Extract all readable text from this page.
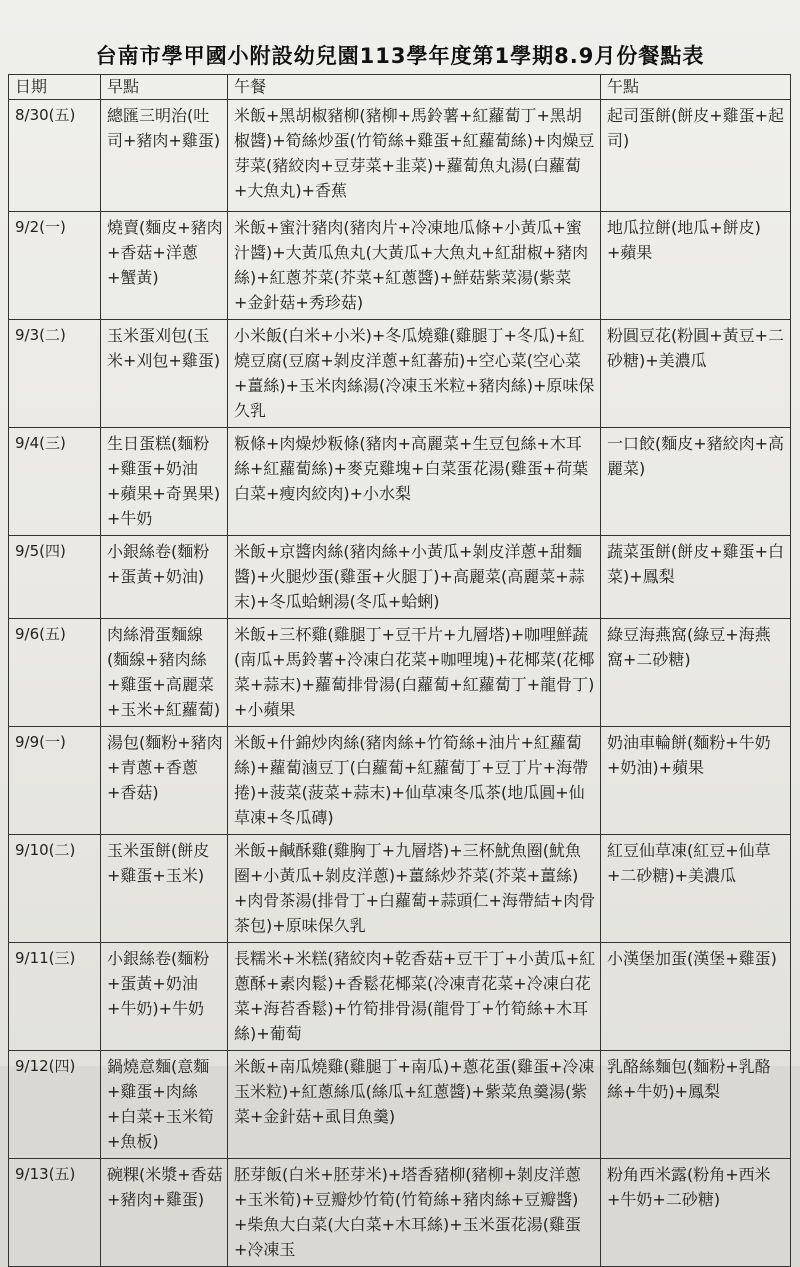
台南市學甲國小附設幼兒園113學年度第1學期8.9月份餐點表
日期	早點	午餐	午點
8/30(五)	總匯三明治(吐司+豬肉+雞蛋)	米飯+黑胡椒豬柳(豬柳+馬鈴薯+紅蘿蔔丁+黑胡椒醬)+筍絲炒蛋(竹筍絲+雞蛋+紅蘿蔔絲)+肉燥豆芽菜(豬絞肉+豆芽菜+韭菜)+蘿蔔魚丸湯(白蘿蔔+大魚丸)+香蕉	起司蛋餅(餅皮+雞蛋+起司)
9/2(一)	燒賣(麵皮+豬肉+香菇+洋蔥+蟹黃)	米飯+蜜汁豬肉(豬肉片+冷凍地瓜條+小黃瓜+蜜汁醬)+大黃瓜魚丸(大黃瓜+大魚丸+紅甜椒+豬肉絲)+紅蔥芥菜(芥菜+紅蔥醬)+鮮菇紫菜湯(紫菜+金針菇+秀珍菇)	地瓜拉餅(地瓜+餅皮)+蘋果
9/3(二)	玉米蛋刈包(玉米+刈包+雞蛋)	小米飯(白米+小米)+冬瓜燒雞(雞腿丁+冬瓜)+紅燒豆腐(豆腐+剝皮洋蔥+紅蕃茄)+空心菜(空心菜+薑絲)+玉米肉絲湯(冷凍玉米粒+豬肉絲)+原味保久乳	粉圓豆花(粉圓+黃豆+二砂糖)+美濃瓜
9/4(三)	生日蛋糕(麵粉+雞蛋+奶油+蘋果+奇異果)+牛奶	粄條+肉燥炒粄條(豬肉+高麗菜+生豆包絲+木耳絲+紅蘿蔔絲)+麥克雞塊+白菜蛋花湯(雞蛋+荷葉白菜+瘦肉絞肉)+小水梨	一口餃(麵皮+豬絞肉+高麗菜)
9/5(四)	小銀絲卷(麵粉+蛋黃+奶油)	米飯+京醬肉絲(豬肉絲+小黃瓜+剝皮洋蔥+甜麵醬)+火腿炒蛋(雞蛋+火腿丁)+高麗菜(高麗菜+蒜末)+冬瓜蛤蜊湯(冬瓜+蛤蜊)	蔬菜蛋餅(餅皮+雞蛋+白菜)+鳳梨
9/6(五)	肉絲滑蛋麵線(麵線+豬肉絲+雞蛋+高麗菜+玉米+紅蘿蔔)	米飯+三杯雞(雞腿丁+豆干片+九層塔)+咖哩鮮蔬(南瓜+馬鈴薯+冷凍白花菜+咖哩塊)+花椰菜(花椰菜+蒜末)+蘿蔔排骨湯(白蘿蔔+紅蘿蔔丁+龍骨丁)+小蘋果	綠豆海燕窩(綠豆+海燕窩+二砂糖)
9/9(一)	湯包(麵粉+豬肉+青蔥+香蔥+香菇)	米飯+什錦炒肉絲(豬肉絲+竹筍絲+油片+紅蘿蔔絲)+蘿蔔滷豆丁(白蘿蔔+紅蘿蔔丁+豆丁片+海帶捲)+菠菜(菠菜+蒜末)+仙草凍冬瓜茶(地瓜圓+仙草凍+冬瓜磚)	奶油車輪餅(麵粉+牛奶+奶油)+蘋果
9/10(二)	玉米蛋餅(餅皮+雞蛋+玉米)	米飯+鹹酥雞(雞胸丁+九層塔)+三杯魷魚圈(魷魚圈+小黃瓜+剝皮洋蔥)+薑絲炒芥菜(芥菜+薑絲)+肉骨茶湯(排骨丁+白蘿蔔+蒜頭仁+海帶結+肉骨茶包)+原味保久乳	紅豆仙草凍(紅豆+仙草+二砂糖)+美濃瓜
9/11(三)	小銀絲卷(麵粉+蛋黃+奶油+牛奶)+牛奶	長糯米+米糕(豬絞肉+乾香菇+豆干丁+小黃瓜+紅蔥酥+素肉鬆)+香鬆花椰菜(冷凍青花菜+冷凍白花菜+海苔香鬆)+竹筍排骨湯(龍骨丁+竹筍絲+木耳絲)+葡萄	小漢堡加蛋(漢堡+雞蛋)
9/12(四)	鍋燒意麵(意麵+雞蛋+肉絲+白菜+玉米筍+魚板)	米飯+南瓜燒雞(雞腿丁+南瓜)+蔥花蛋(雞蛋+冷凍玉米粒)+紅蔥絲瓜(絲瓜+紅蔥醬)+紫菜魚羹湯(紫菜+金針菇+虱目魚羹)	乳酪絲麵包(麵粉+乳酪絲+牛奶)+鳳梨
9/13(五)	碗粿(米漿+香菇+豬肉+雞蛋)	胚芽飯(白米+胚芽米)+塔香豬柳(豬柳+剝皮洋蔥+玉米筍)+豆瓣炒竹筍(竹筍絲+豬肉絲+豆瓣醬)+柴魚大白菜(大白菜+木耳絲)+玉米蛋花湯(雞蛋+冷凍玉	粉角西米露(粉角+西米+牛奶+二砂糖)
